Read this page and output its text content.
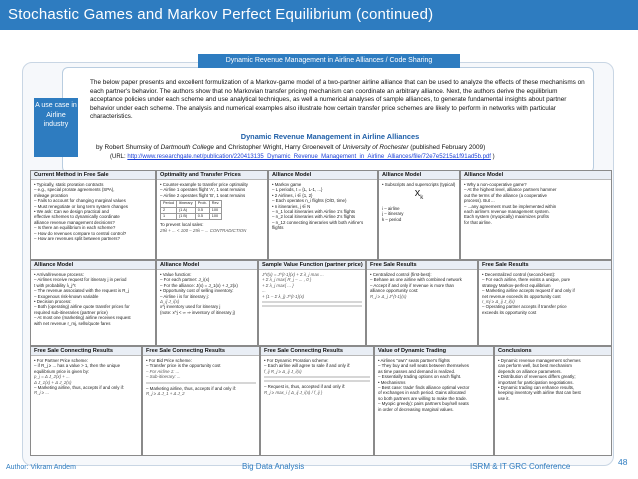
Stochastic Games and Markov Perfect Equilibrium (continued)
Dynamic Revenue Management in Airline Alliances / Code Sharing
A use case in Airline industry
The below paper presents and excellent formulization of a Markov-game model of a two-partner airline alliance that can be used to analyze the effects of these mechanisms on each partner's behavior. The authors show that no Markovian transfer pricing mechanism can coordinate an arbitrary alliance. Next, the authors derive the equilibrium acceptance policies under each scheme and use analytical techniques, as well a numerical analyses of sample alliances, to generate fundamental insights about partner behavior under each scheme. The analysis and numerical examples also illustrate how certain transfer price schemes are likely to perform in networks with particular characteristics.
Dynamic Revenue Management in Airline Alliances
by Robert Shumsky of Dartmouth College and Christopher Wright, Harry Groenevelt of University of Rochester (published February 2009)
(URL: http://www.researchgate.net/publication/220413135_Dynamic_Revenue_Management_in_Airline_Alliances/file/72e7e5215a1f91ad5b.pdf )
Current Method in Free Sale
• Typically, static proration contracts
– e.g., special prorate agreements (SPA),
mileage proration
– Fails to account for changing marginal values
– Must renegotiate or long term system changes
• We ask: Can we design practical and
effective schemes to dynamically coordinate
alliance revenue management decisions?
– Is there an equilibrium in each scheme?
– How do revenues compare to central control?
– How are revenues split between partners?
Optimality and Transfer Prices
• Counter-example to transfer price optimality
– Airline 1 operates flight 'A', 1 seat remains
– Airline 2 operates flight 'B', 1 seat remains
Period	Itinerary	Prob.	Rev.
2	(1 A)	0.5	100
1	(1 B)	0.5	100
To prevent local sales:
29λ + ... < 100 – 29λ – ... CONTRADICTION
Alliance Model
• Markov game
– L periods, t = {L, L-1, ...}
• 2 Airlines, i ∈ {1, 2}
– Each operates n_i flights (O/D, time)
• n itineraries, j ∈ N
– n_1 local itineraries with Airline 1's flights
– n_2 local itineraries with Airline 2's flights
– n_12 connecting itineraries with both Airline's
flights
Alliance Model
• Subscripts and superscripts (typical)
$x_k$
i – airline
j – itinerary
k – period
Alliance Model
• Why a non-cooperative game?
– At the highest level, alliance partners hammer
out the terms of the alliance (a cooperative
process). But ...
– ...any agreement must be implemented within
each airline's revenue management system.
Each system (myopically) maximizes profits
for that airline.
Alliance Model
• Arrival/revenue process:
– Airlines receive request for itinerary j in period
t with probability λ_j^t
– The revenue associated with the request is R_j
– Exogenous risk-known variable
• Decision process:
– Both (operating) airline quote transfer prices for
required sub-itineraries (partner price)
– At most one (marketing) airline receives request
with net revenue r_mj, sells/quote fares
Alliance Model
• Value function:
– For each partner: J_i(x)
– For the alliance: J(x) = J_1(x) + J_2(x)
• Opportunity cost of selling inventory:
– Airline i is for itinerary j:
Δ_ij J_i(x)
x^j inventory used for itinerary j
(note: x^j < ∞ ⇒ inventory of itinerary j)
Sample Value Function (partner price)
J^t(x) = J^{t-1}(x) + Σ λ_j max ...
+ Σ λ_j max{ R_j – ... , 0 }
+ Σ λ_j max{ ... }
...
+ (1 – Σ λ_j) J^{t-1}(x)
Free Sale Results
• Centralized control (first-best):
– Behave as one airline with combined network
– Accept if and only if revenue is more than
alliance opportunity cost:
R_j ≥ Δ_j J^{t-1}(x)
Free Sale Results
• Decentralized control (second-best):
– For each airline, there exists a unique, pure
strategy Markov-perfect equilibrium
– Marketing airline accepts request if and only if
net revenue exceeds its opportunity cost
r_mj ≥ Δ_ij J_i(x)
– Operating partner accepts if transfer price
exceeds its opportunity cost
Free Sale Connecting Results
• For Partner Price scheme:
– if R_j ≥ ... has a value > 1, then the unique
equilibrium price is given by:
p_j = Δ J_2(x) + ...
Δ J_1(x) + Δ J_2(x)
– Marketing airline, thus, accepts if and only if:
R_j ≥ ...
Free Sale Connecting Results
• For Bid Price scheme:
– Transfer price is the opportunity cost
– For Airline 1: ...
– Sub-itinerary: ...
– Marketing airline, thus, accepts if and only if:
R_j ≥ Δ J_1 + Δ J_2
Free Sale Connecting Results
• For Dynamic Proration scheme:
– Each airline will agree to sale if and only if:
f_ij R_j ≥ Δ_ij J_i(x)
– Request is, thus, accepted if and only if:
R_j ≥ max_i { Δ_ij J_i(x) / f_ij }
Value of Dynamic Trading
• Airlines "own" seats partner's flights
– They buy and sell seats between themselves
as time passes and demand is realized.
– Essentially trading options on each flight.
• Mechanisms
– Best case: trade' finds alliance optimal vector
of exchanges in each period. Gains allocated
so both partners are willing to make the trade.
– Myopic greedy): pairs partners buy/sell seats
in order of decreasing marginal values.
Conclusions
• Dynamic revenue management schemes
can perform well, but best mechanism
depends on alliance parameters.
• Distribution of revenues differs greatly;
important for participation negotiations.
• Dynamic trading can enhance results,
keeping inventory with airline that can best
use it.
Author: Vikram Andem	Big Data Analysis	ISRM & IT GRC Conference	48
